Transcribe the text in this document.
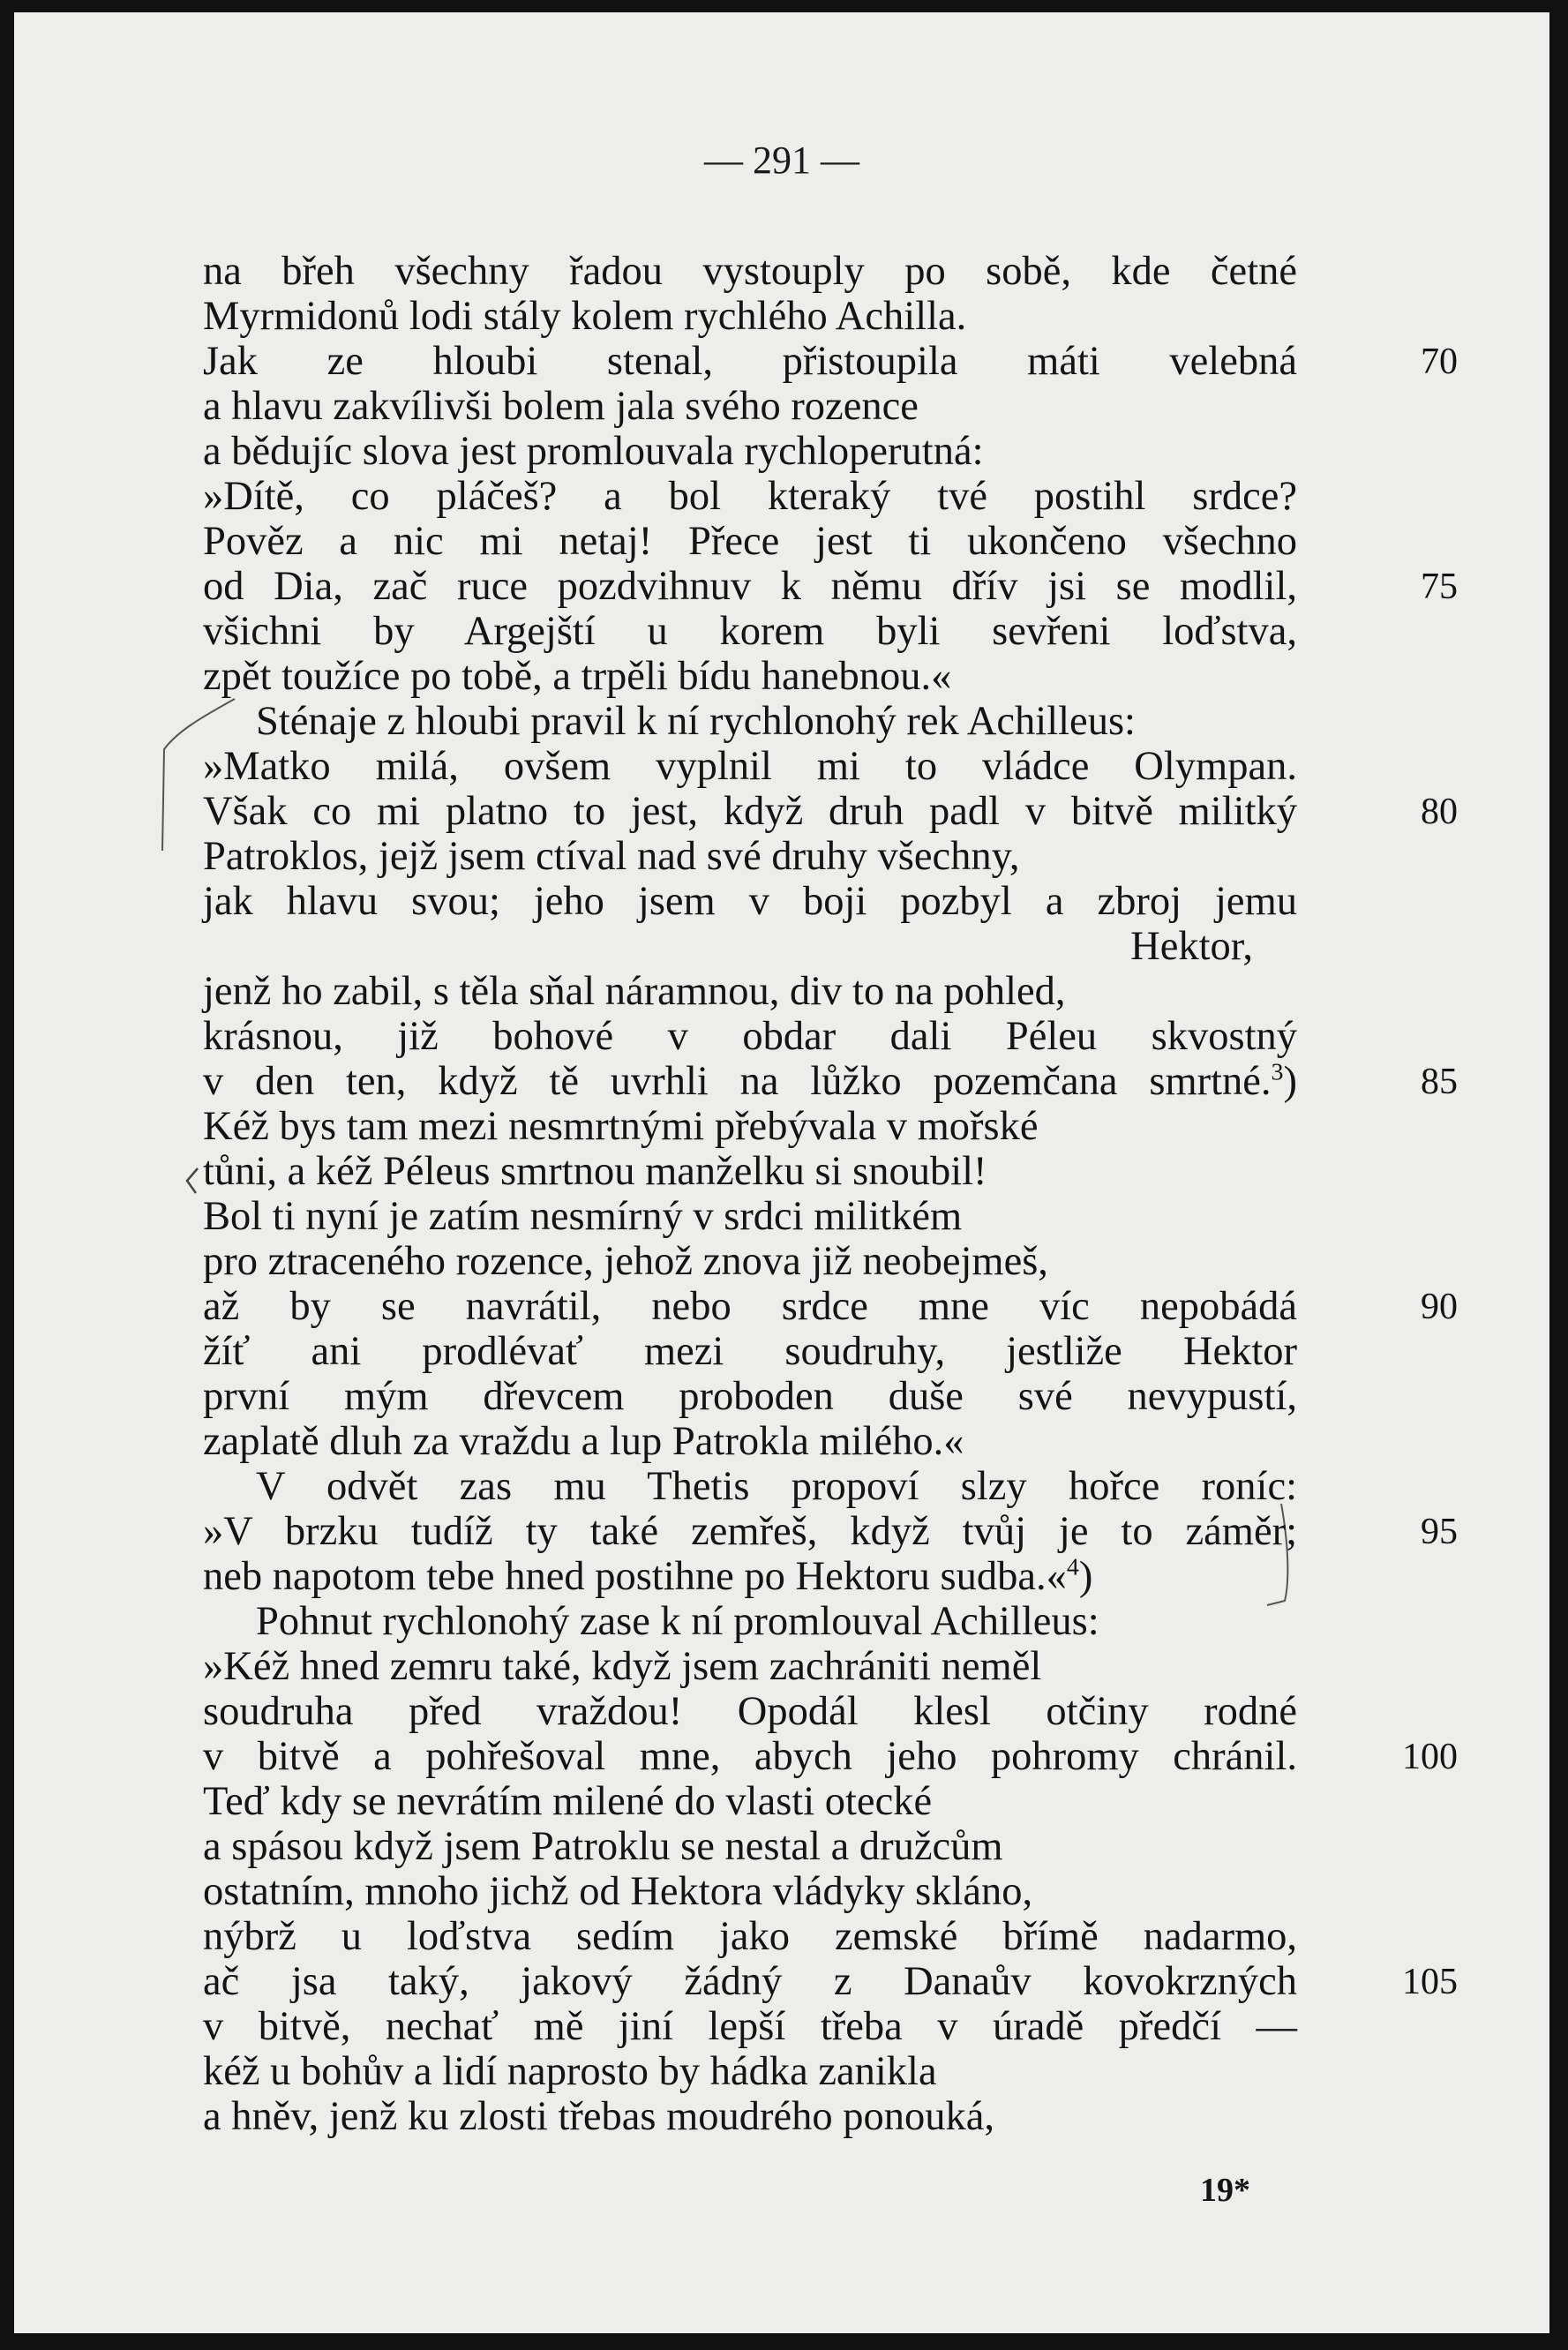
— 291 —
na břeh všechny řadou vystouply po sobě, kde četné
Myrmidonů lodi stály kolem rychlého Achilla.
Jak ze hloubi stenal, přistoupila máti velebná	70
a hlavu zakvílivši bolem jala svého rozence
a bědujíc slova jest promlouvala rychloperutná:
»Dítě, co pláčeš? a bol kteraký tvé postihl srdce?
Pověz a nic mi netaj! Přece jest ti ukončeno všechno
od Dia, zač ruce pozdvihnuv k němu dřív jsi se modlil,	75
všichni by Argejští u korem byli sevřeni loďstva,
zpět toužíce po tobě, a trpěli bídu hanebnou.«
Sténaje z hloubi pravil k ní rychlonohý rek Achilleus:
»Matko milá, ovšem vyplnil mi to vládce Olympan.
Však co mi platno to jest, když druh padl v bitvě militký	80
Patroklos, jejž jsem ctíval nad své druhy všechny,
jak hlavu svou; jeho jsem v boji pozbyl a zbroj jemu
Hektor,
jenž ho zabil, s těla sňal náramnou, div to na pohled,
krásnou, již bohové v obdar dali Péleu skvostný
v den ten, když tě uvrhli na lůžko pozemčana smrtné.$^3$)	85
Kéž bys tam mezi nesmrtnými přebývala v mořské
tůni, a kéž Péleus smrtnou manželku si snoubil!
Bol ti nyní je zatím nesmírný v srdci militkém
pro ztraceného rozence, jehož znova již neobejmeš,
až by se navrátil, nebo srdce mne víc nepobádá	90
žíť ani prodlévať mezi soudruhy, jestliže Hektor
první mým dřevcem proboden duše své nevypustí,
zaplatě dluh za vraždu a lup Patrokla milého.«
V odvět zas mu Thetis propoví slzy hořce roníc:
»V brzku tudíž ty také zemřeš, když tvůj je to záměr;	95
neb napotom tebe hned postihne po Hektoru sudba.«$^4$)
Pohnut rychlonohý zase k ní promlouval Achilleus:
»Kéž hned zemru také, když jsem zachrániti neměl
soudruha před vraždou! Opodál klesl otčiny rodné
v bitvě a pohřešoval mne, abych jeho pohromy chránil.	100
Teď kdy se nevrátím milené do vlasti otecké
a spásou když jsem Patroklu se nestal a družcům
ostatním, mnoho jichž od Hektora vládyky skláno,
nýbrž u loďstva sedím jako zemské břímě nadarmo,
ač jsa taký, jakový žádný z Danaův kovokrzných	105
v bitvě, nechať mě jiní lepší třeba v úradě předčí —
kéž u bohův a lidí naprosto by hádka zanikla
a hněv, jenž ku zlosti třebas moudrého ponouká,
19*
